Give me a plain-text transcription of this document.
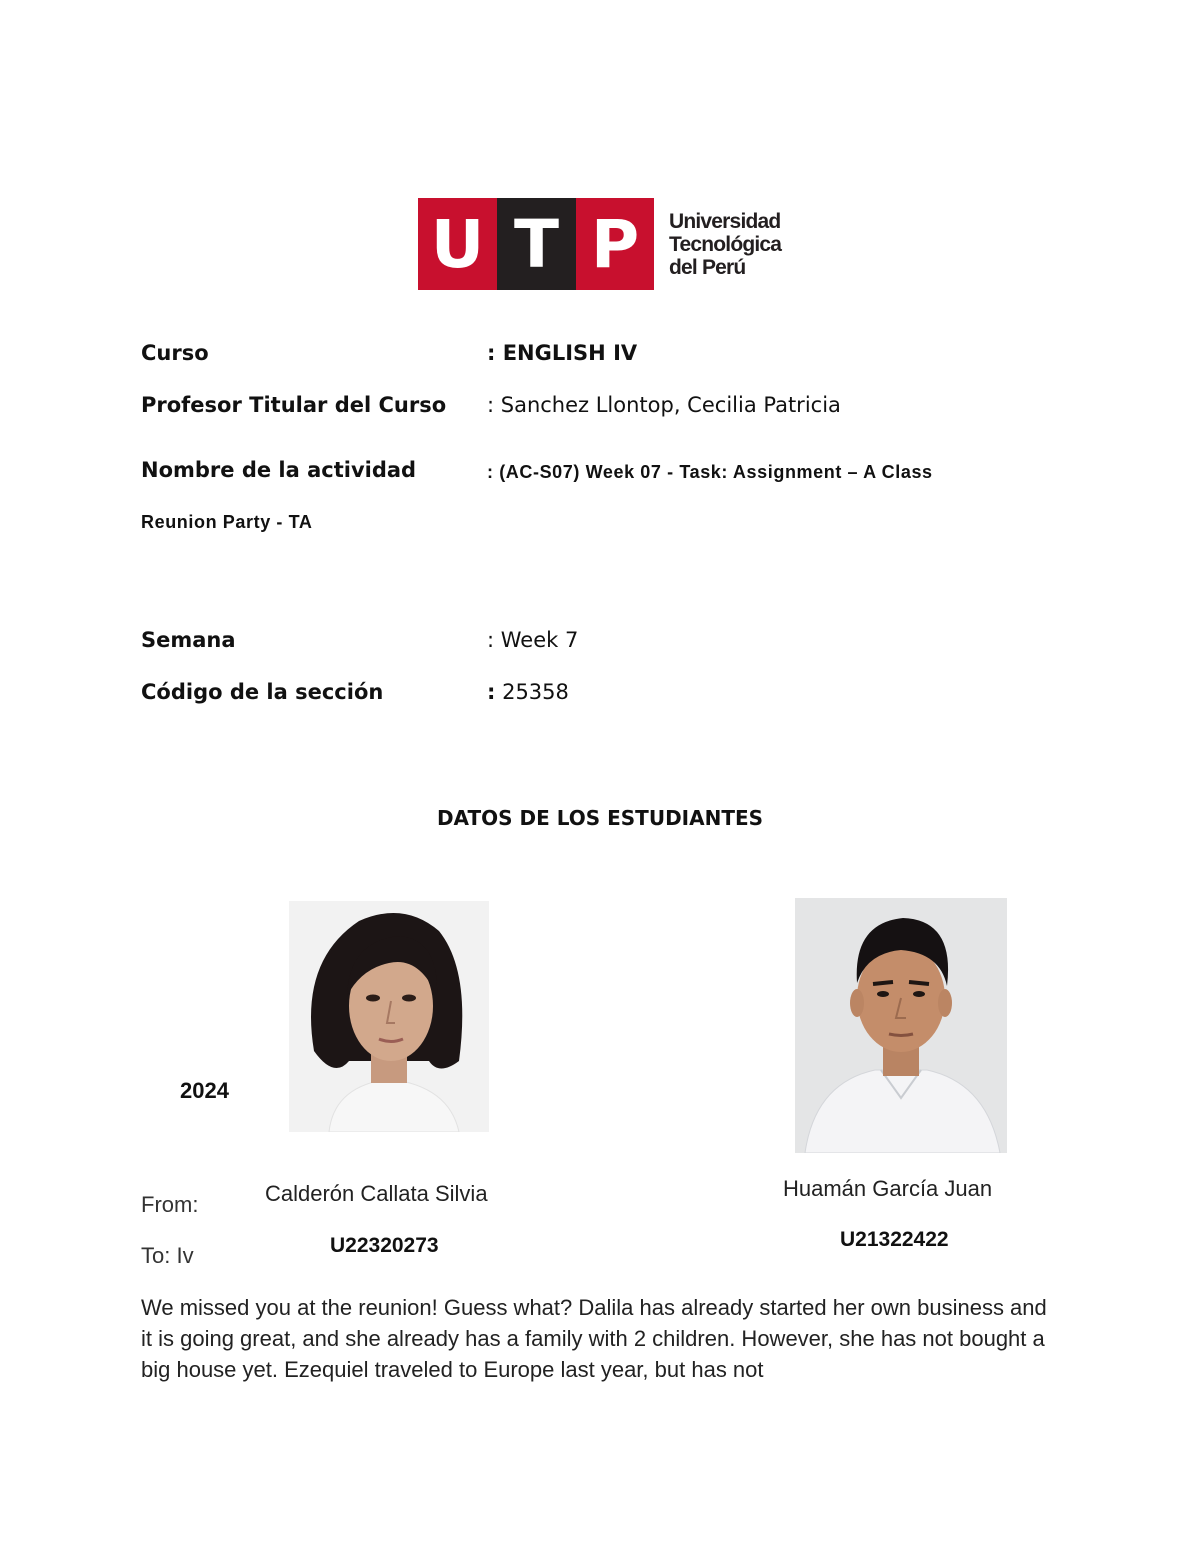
U T P	Universidad
Tecnológica
del Perú
Curso	: ENGLISH IV
Profesor Titular del Curso : Sanchez Llontop, Cecilia Patricia
Nombre de la actividad	: (AC-S07) Week 07 - Task: Assignment – A Class
Reunion Party - TA
Semana	: Week 7
Código de la sección	: 25358
DATOS DE LOS ESTUDIANTES
2024
Calderón Callata Silvia
U22320273
Huamán García Juan
U21322422
From:
To: Iv

We missed you at the reunion! Guess what? Dalila has already started her own business and it is going great, and she already has a family with 2 children. However, she has not bought a big house yet. Ezequiel traveled to Europe last year, but has not
